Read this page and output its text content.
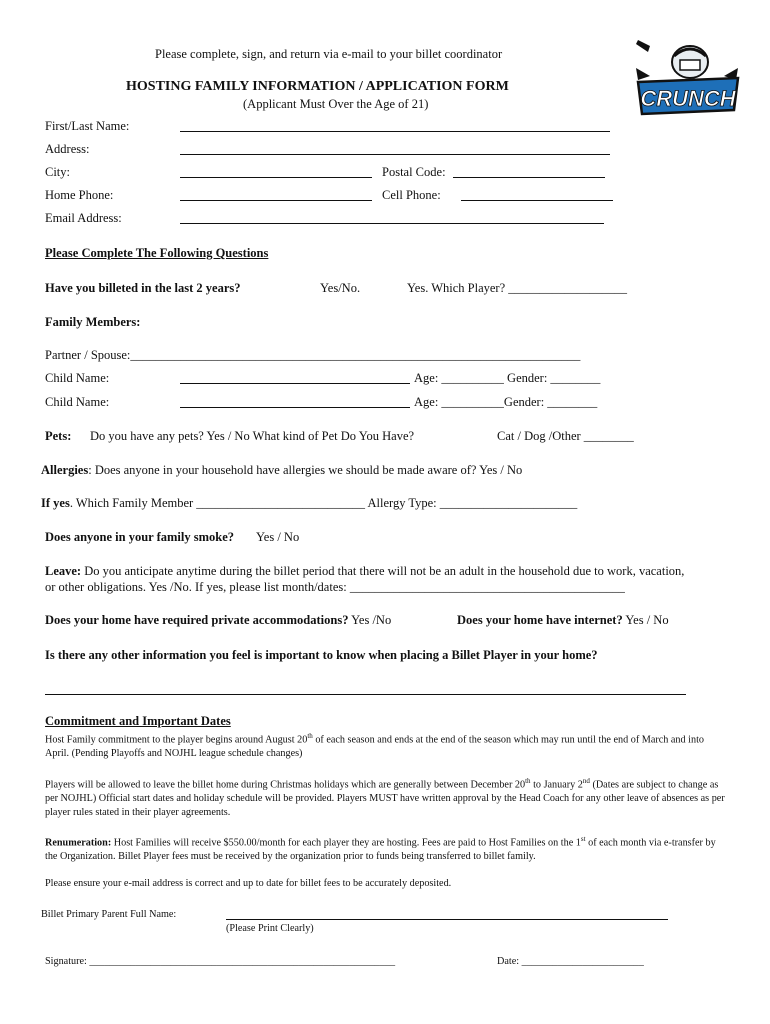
Please complete, sign, and return via e-mail to your billet coordinator
HOSTING FAMILY INFORMATION / APPLICATION FORM
(Applicant Must Over the Age of 21)	CRUNCH
First/Last Name:
Address:
City:	Postal Code:
Home Phone:	Cell Phone:
Email Address:
Please Complete The Following Questions
Have you billeted in the last 2 years?	Yes/No.	Yes. Which Player? ___________________
Family Members:
Partner / Spouse:________________________________________________________________________
Child Name:	Age: __________ Gender: ________
Child Name:	Age: __________Gender: ________
Pets: Do you have any pets? Yes / No What kind of Pet Do You Have?	Cat / Dog /Other ________
Allergies: Does anyone in your household have allergies we should be made aware of? Yes / No
If yes. Which Family Member ___________________________ Allergy Type: ______________________
Does anyone in your family smoke? Yes / No
Leave: Do you anticipate anytime during the billet period that there will not be an adult in the household due to work, vacation,
or other obligations. Yes /No. If yes, please list month/dates: ____________________________________________
Does your home have required private accommodations? Yes /No	Does your home have internet? Yes / No
Is there any other information you feel is important to know when placing a Billet Player in your home?
Commitment and Important Dates
Host Family commitment to the player begins around August 20th of each season and ends at the end of the season which may run until the end of March and into April. (Pending Playoffs and NOJHL league schedule changes)
Players will be allowed to leave the billet home during Christmas holidays which are generally between December 20th to January 2nd (Dates are subject to change as per NOJHL) Official start dates and holiday schedule will be provided. Players MUST have written approval by the Head Coach for any other leave of absences as per player rules stated in their player agreements.
Renumeration: Host Families will receive $550.00/month for each player they are hosting. Fees are paid to Host Families on the 1st of each month via e-transfer by the Organization. Billet Player fees must be received by the organization prior to funds being transferred to billet family.
Please ensure your e-mail address is correct and up to date for billet fees to be accurately deposited.
Billet Primary Parent Full Name:
(Please Print Clearly)
Signature: ____________________________________________________________	Date: ________________________
